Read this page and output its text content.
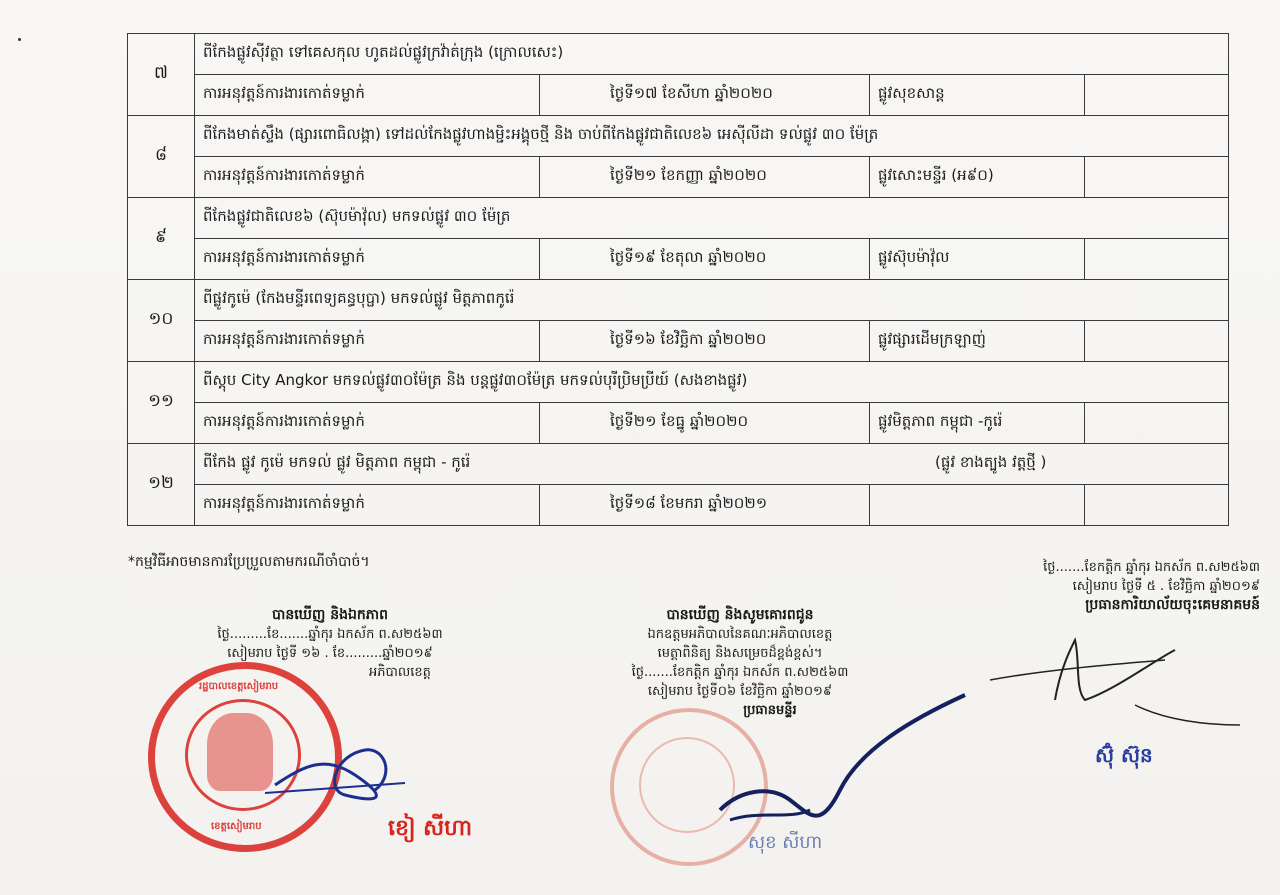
៧	ពីកែងផ្លូវស៊ីវត្ថា ទៅគេសកុល ហូតដល់ផ្លូវក្រវ៉ាត់ក្រុង (ក្រោលសេះ)			
	ការអនុវត្តន៍ការងារកោត់ទម្លាក់	ថ្ងៃទី១៧ ខែសីហា ឆ្នាំ២០២០	ផ្លូវសុខសាន្ត	
៨	ពីកែងមាត់ស្ទឹង (ផ្សារពោធិលង្កា) ទៅដល់កែងផ្លូវហាងម្ជិះអង្គុចថ្មី និង ចាប់ពីកែងផ្លូវជាតិលេខ៦ អេស៊ីលីដា ទល់ផ្លូវ ៣០ ម៉ែត្រ			
	ការអនុវត្តន៍ការងារកោត់ទម្លាក់	ថ្ងៃទី២១ ខែកញ្ញា ឆ្នាំ២០២០	ផ្លូវសោះមន្ទីរ (អ៩០)	
៩	ពីកែងផ្លូវជាតិលេខ៦ (ស៊ុបម៉ាវ៉ុល) មកទល់ផ្លូវ ៣០ ម៉ែត្រ			
	ការអនុវត្តន៍ការងារកោត់ទម្លាក់	ថ្ងៃទី១៩ ខែតុលា ឆ្នាំ២០២០	ផ្លូវស៊ុបម៉ាវ៉ុល	
១០	ពីផ្លូវកូម៉េ (កែងមន្ទីរពេទ្យគន្ធបុប្ផា) មកទល់ផ្លូវ មិត្តភាពកូរ៉េ			
	ការអនុវត្តន៍ការងារកោត់ទម្លាក់	ថ្ងៃទី១៦ ខែវិច្ឆិកា ឆ្នាំ២០២០	ផ្លូវផ្សារដើមក្រឡាញ់	
១១	ពីស្តុប City Angkor មកទល់ផ្លូវ៣០ម៉ែត្រ និង បន្តផ្លូវ៣០ម៉ែត្រ មកទល់បុរីប្រិមប្រីយ៍ (សងខាងផ្លូវ)			
	ការអនុវត្តន៍ការងារកោត់ទម្លាក់	ថ្ងៃទី២១ ខែធ្នូ ឆ្នាំ២០២០	ផ្លូវមិត្តភាព កម្ពុជា -កូរ៉េ	
១២	ពីកែង ផ្លូវ កូម៉េ មកទល់ ផ្លូវ មិត្តភាព កម្ពុជា - កូរ៉េ (ផ្លូវ ខាងត្បូង វត្តថ្មី )			

	ការអនុវត្តន៍ការងារកោត់ទម្លាក់	ថ្ងៃទី១៨ ខែមករា ឆ្នាំ២០២១		
*កម្មវិធីអាចមានការប្រែប្រួលតាមករណីចាំបាច់។
បានឃើញ និងឯកភាព
ថ្ងៃ.........ខែ.......ឆ្នាំកុរ ឯកស័ក ព.ស២៥៦៣
សៀមរាប ថ្ងៃទី ១៦ . ខែ.........ឆ្នាំ២០១៩
អភិបាលខេត្ត
រដ្ឋបាលខេត្តសៀមរាប
ខេត្តសៀមរាប	ខៀ សីហា
បានឃើញ និងសូមគោរពជូន
ឯកឧត្តមអភិបាលនៃគណៈអភិបាលខេត្ត
មេត្តាពិនិត្យ និងសម្រេចដ៏ខ្ពង់ខ្ពស់។
ថ្ងៃ.......ខែកត្តិក ឆ្នាំកុរ ឯកស័ក ព.ស២៥៦៣
សៀមរាប ថ្ងៃទី០៦ ខែវិច្ឆិកា ឆ្នាំ២០១៩
ប្រធានមន្ទីរ
សុខ សីហា
ថ្ងៃ.......ខែកត្តិក ឆ្នាំកុរ ឯកស័ក ព.ស២៥៦៣
សៀមរាប ថ្ងៃទី ៥ . ខែវិច្ឆិកា ឆ្នាំ២០១៩
ប្រធានការិយាល័យចុះគេមនាគមន៍
ស៊ុំ ស៊ុន
